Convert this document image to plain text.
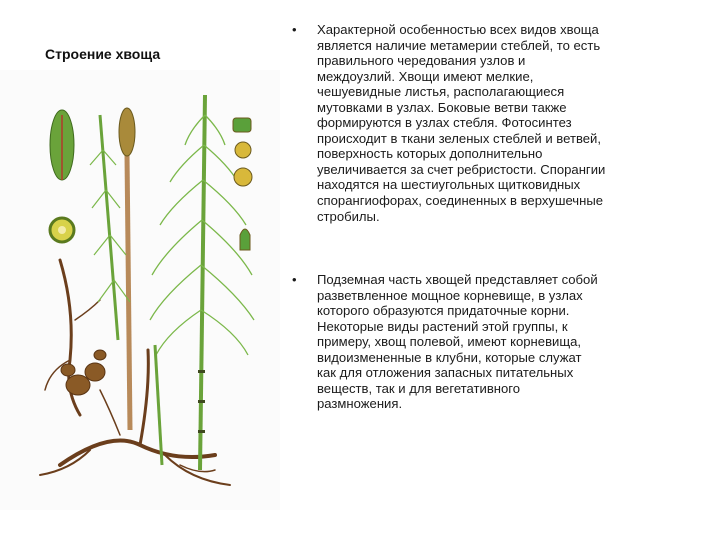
Строение хвоща
•	Характерной особенностью всех видов хвоща
является наличие метамерии стеблей, то есть
правильного чередования узлов и
междоузлий. Хвощи имеют мелкие,
чешуевидные листья, располагающиеся
мутовками в узлах. Боковые ветви также
формируются в узлах стебля. Фотосинтез
происходит в ткани зеленых стеблей и ветвей,
поверхность которых дополнительно
увеличивается за счет ребристости. Спорангии
находятся на шестиугольных щитковидных
спорангиофорах, соединенных в верхушечные
стробилы.
•	Подземная часть хвощей представляет собой
разветвленное мощное корневище, в узлах
которого образуются придаточные корни.
Некоторые виды растений этой группы, к
примеру, хвощ полевой, имеют корневища,
видоизмененные в клубни, которые служат
как для отложения запасных питательных
веществ, так и для вегетативного
размножения.
